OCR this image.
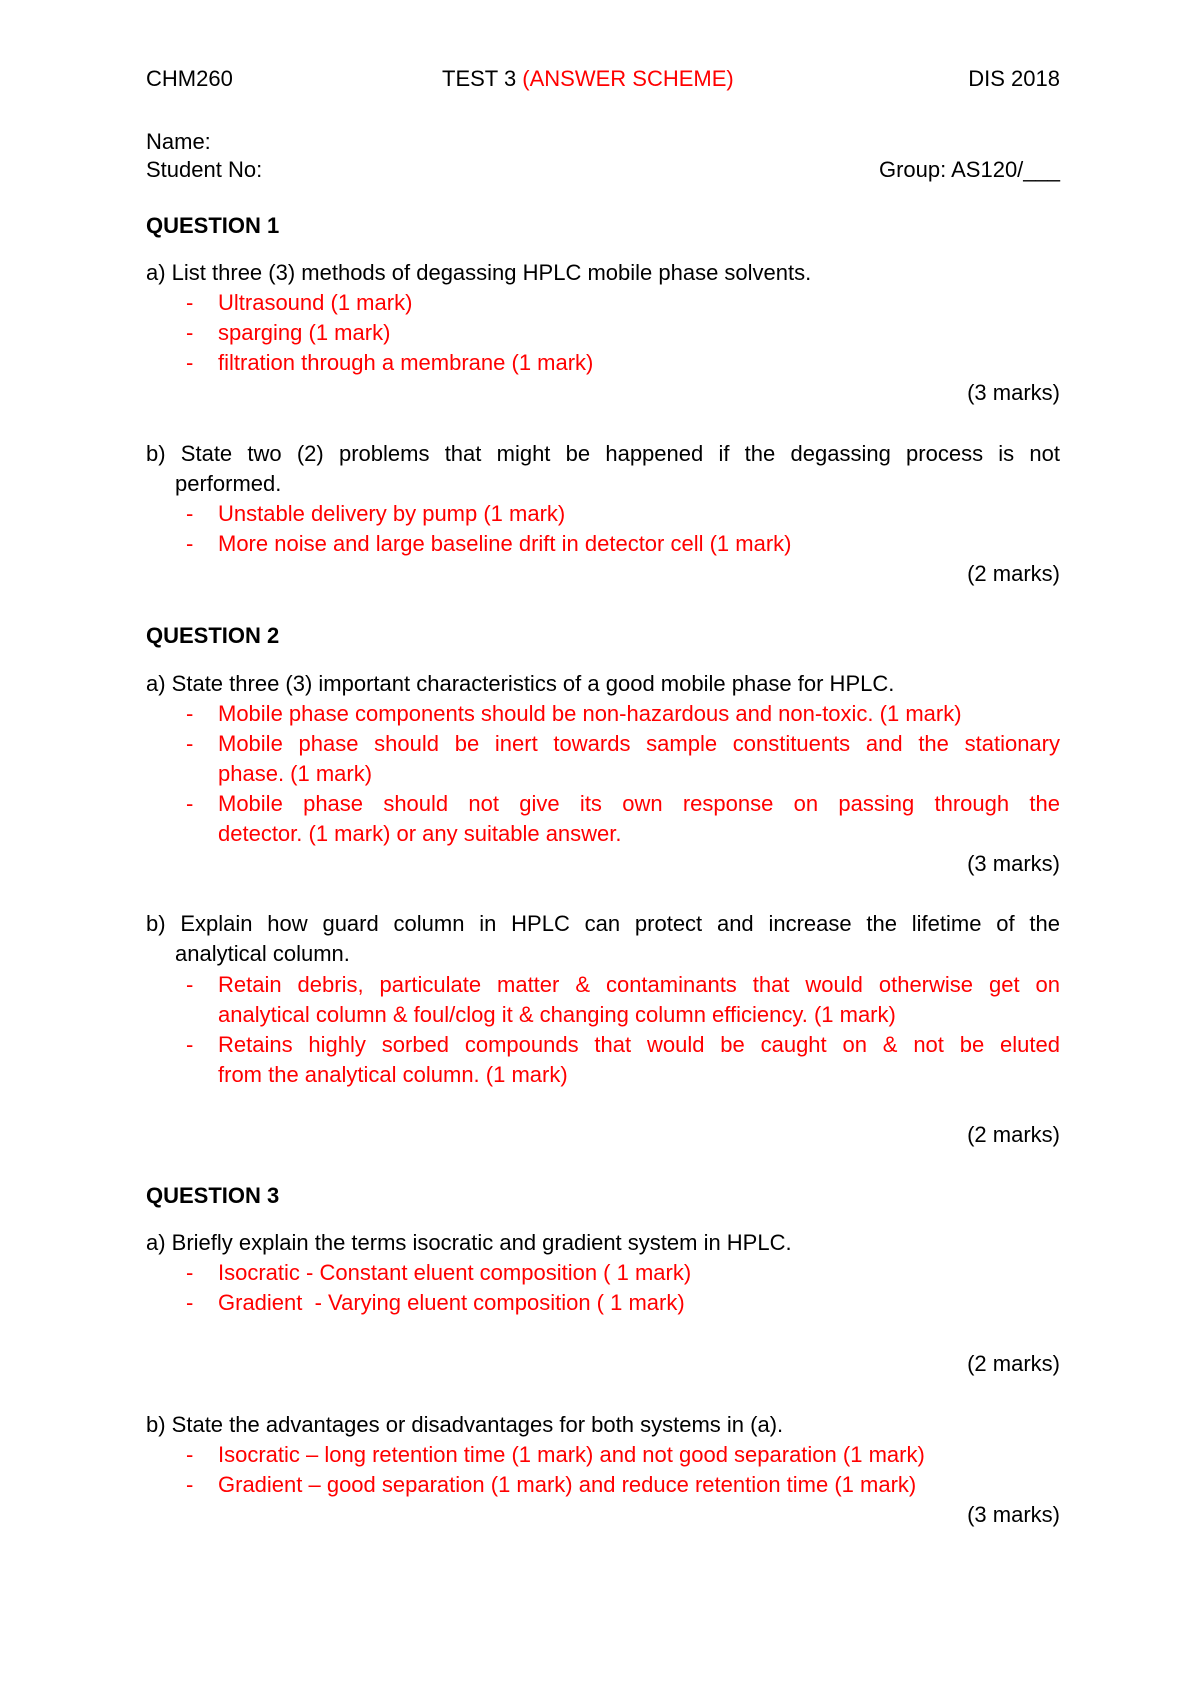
CHM260	TEST 3 (ANSWER SCHEME)	DIS 2018
Name:
Student No:	Group: AS120/___
QUESTION 1
a) List three (3) methods of degassing HPLC mobile phase solvents.
- Ultrasound (1 mark)
- sparging (1 mark)
- filtration through a membrane (1 mark)
(3 marks)
b) State two (2) problems that might be happened if the degassing process is not
performed.
- Unstable delivery by pump (1 mark)
- More noise and large baseline drift in detector cell (1 mark)
(2 marks)
QUESTION 2
a) State three (3) important characteristics of a good mobile phase for HPLC.
- Mobile phase components should be non-hazardous and non-toxic. (1 mark)
- Mobile phase should be inert towards sample constituents and the stationary
phase. (1 mark)
- Mobile phase should not give its own response on passing through the
detector. (1 mark) or any suitable answer.
(3 marks)
b) Explain how guard column in HPLC can protect and increase the lifetime of the
analytical column.
- Retain debris, particulate matter & contaminants that would otherwise get on
analytical column & foul/clog it & changing column efficiency. (1 mark)
- Retains highly sorbed compounds that would be caught on & not be eluted
from the analytical column. (1 mark)
(2 marks)
QUESTION 3
a) Briefly explain the terms isocratic and gradient system in HPLC.
- Isocratic - Constant eluent composition ( 1 mark)
- Gradient  - Varying eluent composition ( 1 mark)
(2 marks)
b) State the advantages or disadvantages for both systems in (a).
- Isocratic – long retention time (1 mark) and not good separation (1 mark)
- Gradient – good separation (1 mark) and reduce retention time (1 mark)
(3 marks)
